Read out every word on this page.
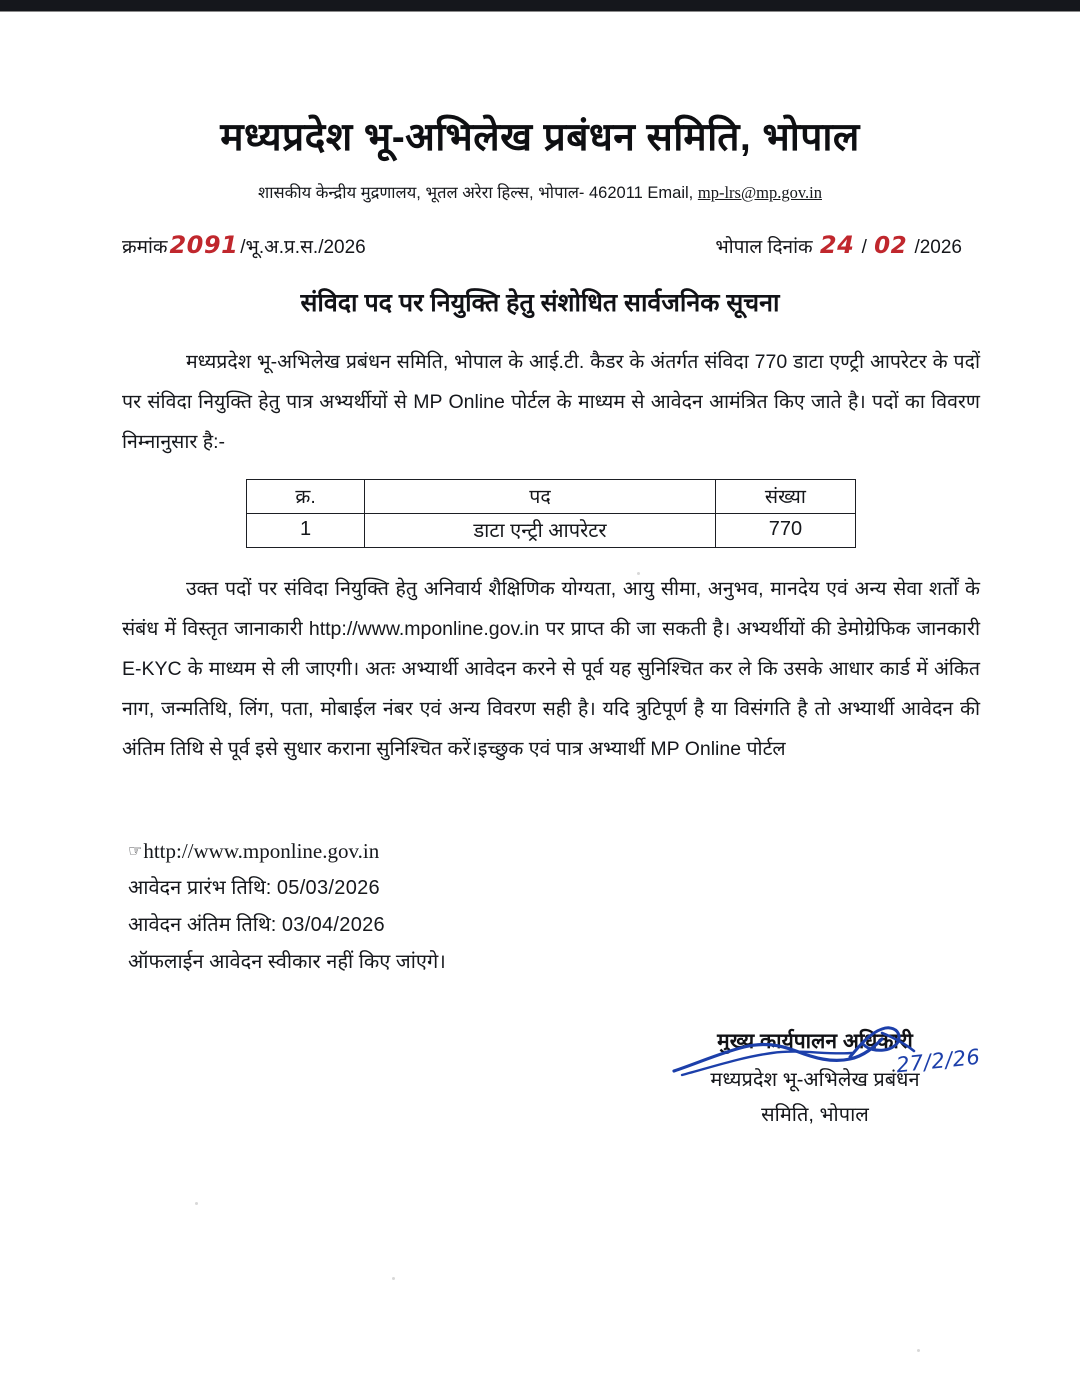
मध्यप्रदेश भू-अभिलेख प्रबंधन समिति, भोपाल
शासकीय केन्द्रीय मुद्रणालय, भूतल अरेरा हिल्स, भोपाल- 462011 Email, mp-lrs@mp.gov.in
क्रमांक2091 /भू.अ.प्र.स./2026	भोपाल दिनांक 24 / 02 /2026
संविदा पद पर नियुक्ति हेतु संशोधित सार्वजनिक सूचना

मध्यप्रदेश भू-अभिलेख प्रबंधन समिति, भोपाल के आई.टी. कैडर के अंतर्गत संविदा 770 डाटा एण्ट्री आपरेटर के पदों पर संविदा नियुक्ति हेतु पात्र अभ्यर्थीयों से MP Online पोर्टल के माध्यम से आवेदन आमंत्रित किए जाते है। पदों का विवरण निम्नानुसार है:-

क्र.	पद	संख्या
1	डाटा एन्ट्री आपरेटर	770

उक्त पदों पर संविदा नियुक्ति हेतु अनिवार्य शैक्षिणिक योग्यता, आयु सीमा, अनुभव, मानदेय एवं अन्य सेवा शर्तों के संबंध में विस्तृत जानाकारी http://www.mponline.gov.in पर प्राप्त की जा सकती है। अभ्यर्थीयों की डेमोग्रेफिक जानकारी E-KYC के माध्यम से ली जाएगी। अतः अभ्यार्थी आवेदन करने से पूर्व यह सुनिश्चित कर ले कि उसके आधार कार्ड में अंकित नाग, जन्मतिथि, लिंग, पता, मोबाईल नंबर एवं अन्य विवरण सही है। यदि त्रुटिपूर्ण है या विसंगति है तो अभ्यार्थी आवेदन की अंतिम तिथि से पूर्व इसे सुधार कराना सुनिश्चित करें।इच्छुक एवं पात्र अभ्यार्थी MP Online पोर्टल

☞http://www.mponline.gov.in
आवेदन प्रारंभ तिथि: 05/03/2026
आवेदन अंतिम तिथि: 03/04/2026
ऑफलाईन आवेदन स्वीकार नहीं किए जांएगे।
27/2/26
मुख्य कार्यपालन अधिकारी
मध्यप्रदेश भू-अभिलेख प्रबंधन
समिति, भोपाल
